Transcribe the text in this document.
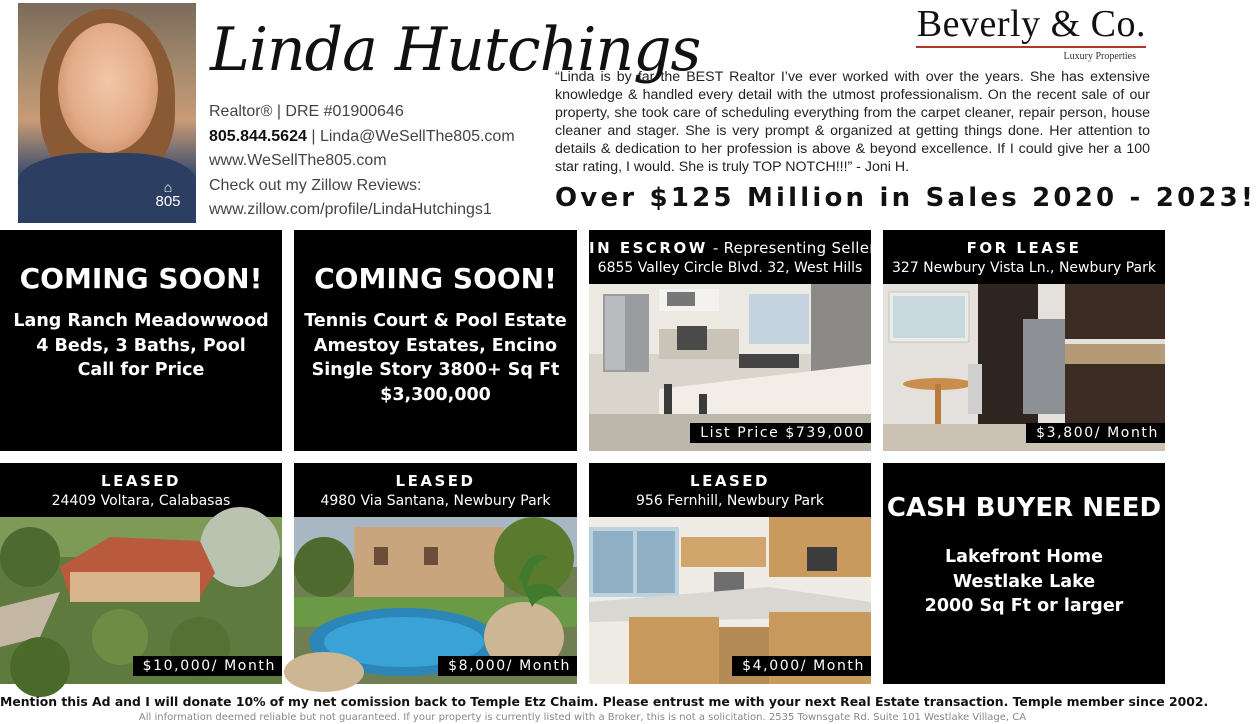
⌂
805
Linda Hutchings
Realtor® | DRE #01900646
805.844.5624 | Linda@WeSellThe805.com
www.WeSellThe805.com
Check out my Zillow Reviews:
www.zillow.com/profile/LindaHutchings1
Beverly & Co.
Luxury Properties
“Linda is by far the BEST Realtor I’ve ever worked with over the years. She has extensive knowledge & handled every detail with the utmost professionalism. On the recent sale of our property, she took care of scheduling everything from the carpet cleaner, repair person, house cleaner and stager. She is very prompt & organized at getting things done. Her attention to details & dedication to her profession is above & beyond excellence. If I could give her a 100 star rating, I would. She is truly TOP NOTCH!!!” - Joni H.
Over $125 Million in Sales 2020 - 2023!
COMING SOON!
Lang Ranch Meadowwood
4 Beds, 3 Baths, Pool
Call for Price
COMING SOON!
Tennis Court & Pool Estate
Amestoy Estates, Encino
Single Story 3800+ Sq Ft
$3,300,000
IN ESCROW - Representing Seller
6855 Valley Circle Blvd. 32, West Hills
List Price $739,000
FOR LEASE
327 Newbury Vista Ln., Newbury Park
$3,800/ Month
LEASED
24409 Voltara, Calabasas
$10,000/ Month
LEASED
4980 Via Santana, Newbury Park
$8,000/ Month
LEASED
956 Fernhill, Newbury Park
$4,000/ Month
CASH BUYER NEED
Lakefront Home
Westlake Lake
2000 Sq Ft or larger
Mention this Ad and I will donate 10% of my net comission back to Temple Etz Chaim. Please entrust me with your next Real Estate transaction. Temple member since 2002.
All information deemed reliable but not guaranteed. If your property is currently listed with a Broker, this is not a solicitation. 2535 Townsgate Rd. Suite 101 Westlake Village, CA
